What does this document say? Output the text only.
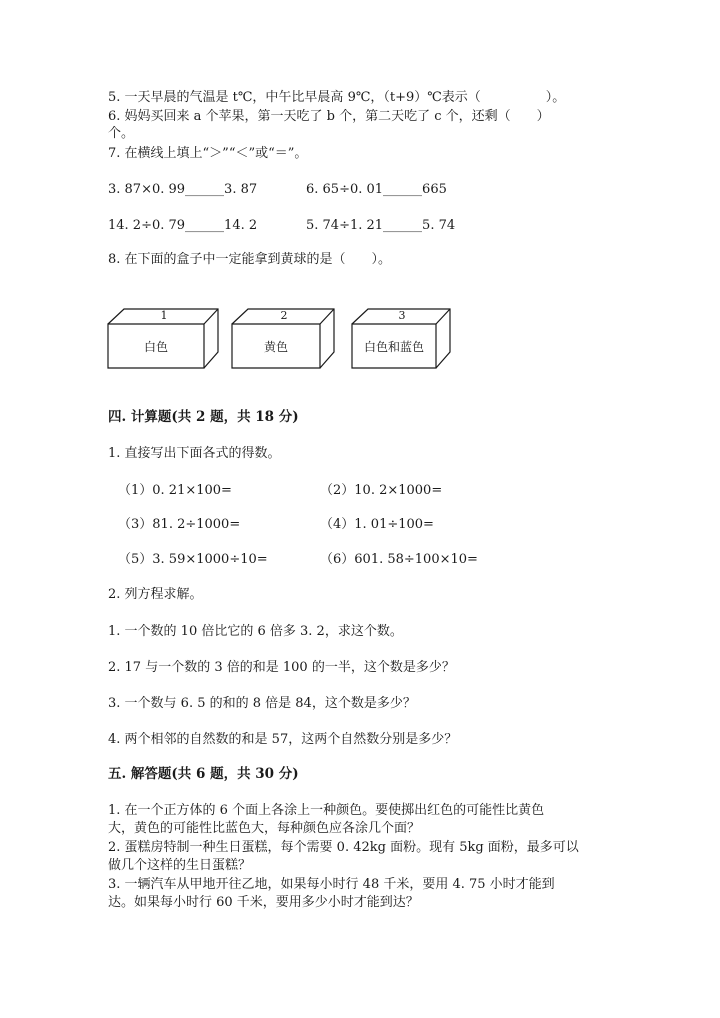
5. 一天早晨的气温是 t℃，中午比早晨高 9℃，（t+9）℃表示（　　　　　）。
6. 妈妈买回来 a 个苹果，第一天吃了 b 个，第二天吃了 c 个，还剩（　　）
个。
7. 在横线上填上“＞”“＜”或“＝”。
3. 87×0. 99______3. 87	6. 65÷0. 01______665
14. 2÷0. 79______14. 2	5. 74÷1. 21______5. 74
8. 在下面的盒子中一定能拿到黄球的是（　　）。
1	2	3
白色	黄色	白色和蓝色
四. 计算题(共 2 题，共 18 分)
1. 直接写出下面各式的得数。
（1）0. 21×100=	（2）10. 2×1000=
（3）81. 2÷1000=	（4）1. 01÷100=
（5）3. 59×1000÷10=	（6）601. 58÷100×10=
2. 列方程求解。
1. 一个数的 10 倍比它的 6 倍多 3. 2，求这个数。
2. 17 与一个数的 3 倍的和是 100 的一半，这个数是多少？
3. 一个数与 6. 5 的和的 8 倍是 84，这个数是多少？
4. 两个相邻的自然数的和是 57，这两个自然数分别是多少？
五. 解答题(共 6 题，共 30 分)
1. 在一个正方体的 6 个面上各涂上一种颜色。要使掷出红色的可能性比黄色
大，黄色的可能性比蓝色大，每种颜色应各涂几个面？
2. 蛋糕房特制一种生日蛋糕，每个需要 0. 42kg 面粉。现有 5kg 面粉，最多可以
做几个这样的生日蛋糕？
3. 一辆汽车从甲地开往乙地，如果每小时行 48 千米，要用 4. 75 小时才能到
达。如果每小时行 60 千米，要用多少小时才能到达？
